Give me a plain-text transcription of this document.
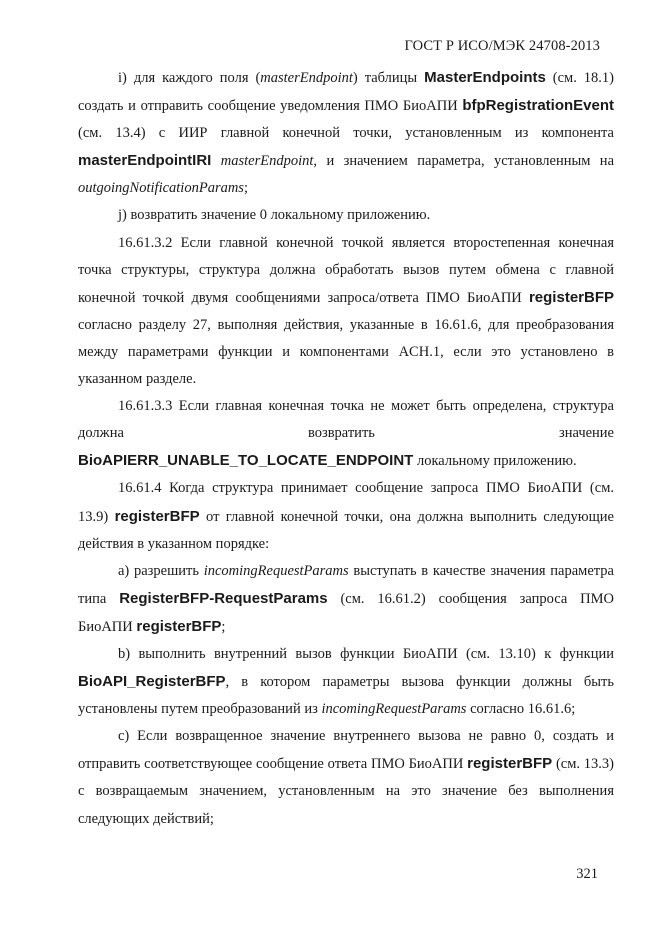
ГОСТ Р ИСО/МЭК 24708-2013

i) для каждого поля (masterEndpoint) таблицы MasterEndpoints (см. 18.1) создать и отправить сообщение уведомления ПМО БиоАПИ bfpRegistrationEvent (см. 13.4) с ИИР главной конечной точки, установленным из компонента masterEndpointIRI masterEndpoint, и значением параметра, установленным на outgoingNotificationParams;

j) возвратить значение 0 локальному приложению.

16.61.3.2 Если главной конечной точкой является второстепенная конечная точка структуры, структура должна обработать вызов путем обмена с главной конечной точкой двумя сообщениями запроса/ответа ПМО БиоАПИ registerBFP согласно разделу 27, выполняя действия, указанные в 16.61.6, для преобразования между параметрами функции и компонентами ACH.1, если это установлено в указанном разделе.

16.61.3.3 Если главная конечная точка не может быть определена, структура должна возвратить значение

BioAPIERR_UNABLE_TO_LOCATE_ENDPOINT локальному приложению.

16.61.4 Когда структура принимает сообщение запроса ПМО БиоАПИ (см. 13.9) registerBFP от главной конечной точки, она должна выполнить следующие действия в указанном порядке:

a) разрешить incomingRequestParams выступать в качестве значения параметра типа RegisterBFP-RequestParams (см. 16.61.2) сообщения запроса ПМО БиоАПИ registerBFP;

b) выполнить внутренний вызов функции БиоАПИ (см. 13.10) к функции BioAPI_RegisterBFP, в котором параметры вызова функции должны быть установлены путем преобразований из incomingRequestParams согласно 16.61.6;

c) Если возвращенное значение внутреннего вызова не равно 0, создать и отправить соответствующее сообщение ответа ПМО БиоАПИ registerBFP (см. 13.3) с возвращаемым значением, установленным на это значение без выполнения следующих действий;

321
